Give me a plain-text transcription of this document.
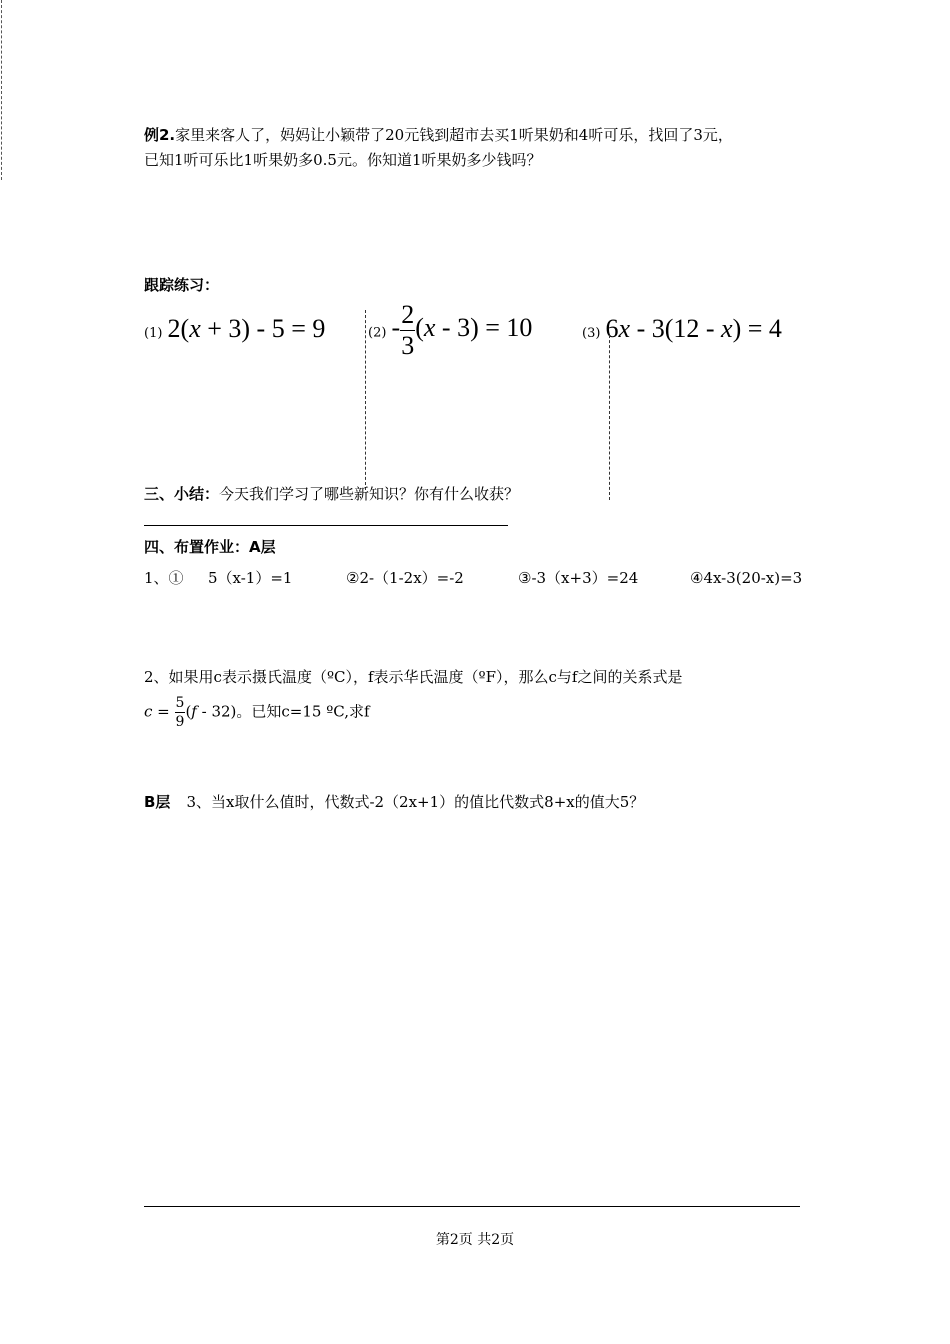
例2.家里来客人了，妈妈让小颖带了20元钱到超市去买1听果奶和4听可乐，找回了3元，
已知1听可乐比1听果奶多0.5元。你知道1听果奶多少钱吗？
跟踪练习：
(1) 2(x + 3) - 5 = 9	$(2) - \frac{2}{3} (x - 3) = 10$	(3) 6x - 3(12 - x) = 4
三、小结：今天我们学习了哪些新知识？你有什么收获？
四、布置作业：A层
1、① 5（x-1）=1	②2-（1-2x）=-2	③-3（x+3）=24	④4x-3(20-x)=3
2、如果用c表示摄氏温度（ºC），f表示华氏温度（ºF），那么c与f之间的关系式是
$c = \frac{5}{9} (f - 32)$。已知c=15 ºC,求f
B层 3、当x取什么值时，代数式-2（2x+1）的值比代数式8+x的值大5？
第2页 共2页
